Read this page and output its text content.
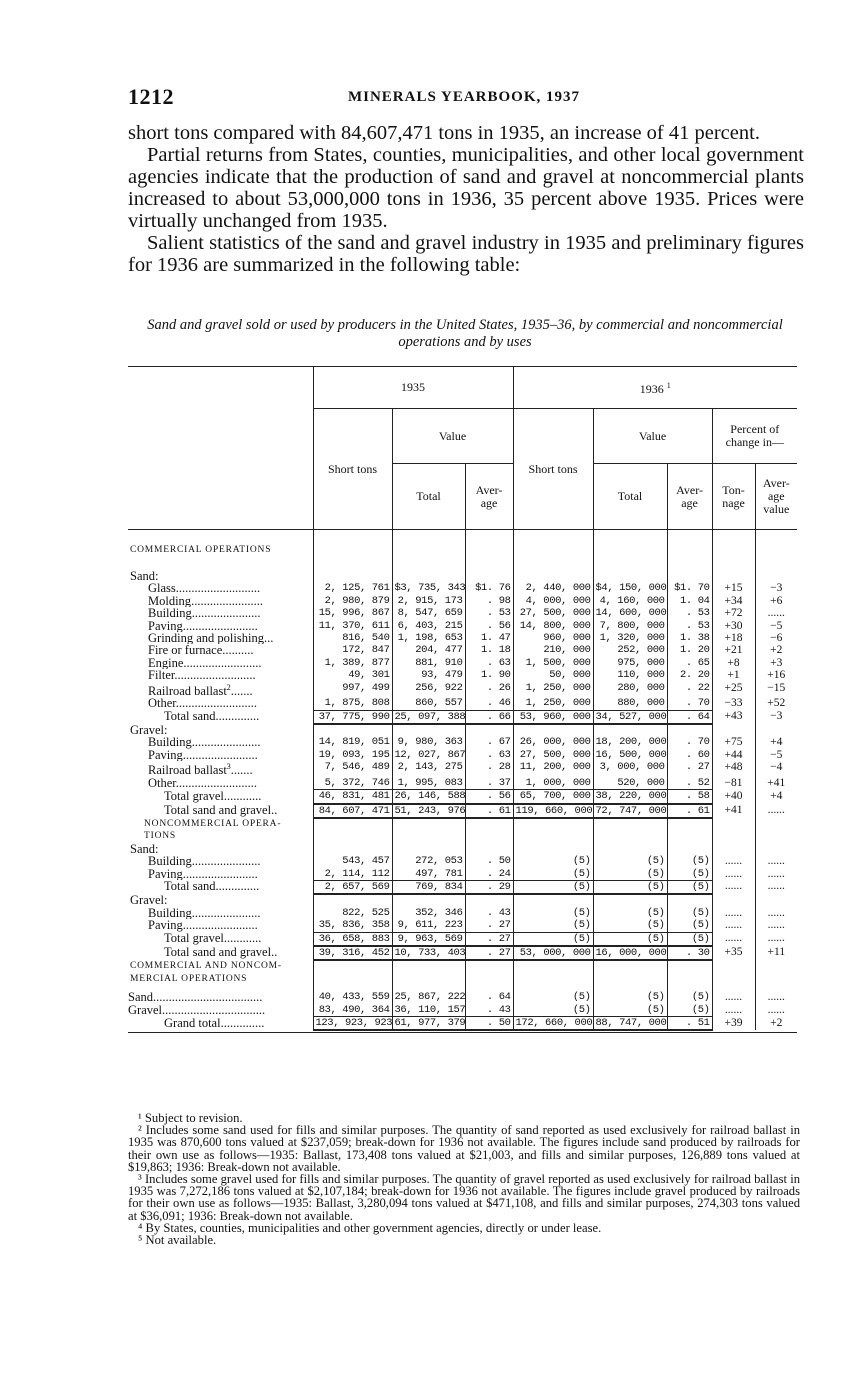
1212	MINERALS YEARBOOK, 1937

short tons compared with 84,607,471 tons in 1935, an increase of 41 percent.

Partial returns from States, counties, municipalities, and other local government agencies indicate that the production of sand and gravel at noncommercial plants increased to about 53,000,000 tons in 1936, 35 percent above 1935. Prices were virtually unchanged from 1935.

Salient statistics of the sand and gravel industry in 1935 and preliminary figures for 1936 are summarized in the following table:

Sand and gravel sold or used by producers in the United States, 1935–36, by commercial and noncommercial operations and by uses
	1935			1936 $^1$
	Short tons	Value		Short tons	Value		Percent of change in—	
		Total	Aver- age		Total	Aver- age	Ton- nage	Aver- age value

COMMERCIAL OPERATIONS								

Sand:								
Glass...........................	2, 125, 761	$3, 735, 343	$1. 76	2, 440, 000	$4, 150, 000	$1. 70	+15	−3
Molding.......................	2, 980, 879	2, 915, 173	. 98	4, 000, 000	4, 160, 000	1. 04	+34	+6
Building......................	15, 996, 867	8, 547, 659	. 53	27, 500, 000	14, 600, 000	. 53	+72	......
Paving........................	11, 370, 611	6, 403, 215	. 56	14, 800, 000	7, 800, 000	. 53	+30	−5
Grinding and polishing...	816, 540	1, 198, 653	1. 47	960, 000	1, 320, 000	1. 38	+18	−6
Fire or furnace..........	172, 847	204, 477	1. 18	210, 000	252, 000	1. 20	+21	+2
Engine.........................	1, 389, 877	881, 910	. 63	1, 500, 000	975, 000	. 65	+8	+3
Filter..........................	49, 301	93, 479	1. 90	50, 000	110, 000	2. 20	+1	+16
Railroad ballast$^2$.......	997, 499	256, 922	. 26	1, 250, 000	280, 000	. 22	+25	−15
Other..........................	1, 875, 808	860, 557	. 46	1, 250, 000	880, 000	. 70	−33	+52
Total sand..............	37, 775, 990	25, 097, 388	. 66	53, 960, 000	34, 527, 000	. 64	+43	−3
Gravel:								
Building......................	14, 819, 051	9, 980, 363	. 67	26, 000, 000	18, 200, 000	. 70	+75	+4
Paving........................	19, 093, 195	12, 027, 867	. 63	27, 500, 000	16, 500, 000	. 60	+44	−5
Railroad ballast$^3$.......	7, 546, 489	2, 143, 275	. 28	11, 200, 000	3, 000, 000	. 27	+48	−4
Other..........................	5, 372, 746	1, 995, 083	. 37	1, 000, 000	520, 000	. 52	−81	+41
Total gravel............	46, 831, 481	26, 146, 588	. 56	65, 700, 000	38, 220, 000	. 58	+40	+4
Total sand and gravel..	84, 607, 471	51, 243, 976	. 61	119, 660, 000	72, 747, 000	. 61	+41	......
NONCOMMERCIAL OPERA- TIONS								
Sand:								
Building......................	543, 457	272, 053	. 50	(5)	(5)	(5)	......	......
Paving........................	2, 114, 112	497, 781	. 24	(5)	(5)	(5)	......	......
Total sand..............	2, 657, 569	769, 834	. 29	(5)	(5)	(5)	......	......
Gravel:								
Building......................	822, 525	352, 346	. 43	(5)	(5)	(5)	......	......
Paving........................	35, 836, 358	9, 611, 223	. 27	(5)	(5)	(5)	......	......
Total gravel............	36, 658, 883	9, 963, 569	. 27	(5)	(5)	(5)	......	......
Total sand and gravel..	39, 316, 452	10, 733, 403	. 27	53, 000, 000	16, 000, 000	. 30	+35	+11
COMMERCIAL AND NONCOM- MERCIAL OPERATIONS								

Sand...................................	40, 433, 559	25, 867, 222	. 64	(5)	(5)	(5)	......	......
Gravel.................................	83, 490, 364	36, 110, 157	. 43	(5)	(5)	(5)	......	......
Grand total..............	123, 923, 923	61, 977, 379	. 50	172, 660, 000	88, 747, 000	. 51	+39	+2

¹ Subject to revision.

² Includes some sand used for fills and similar purposes. The quantity of sand reported as used exclusively for railroad ballast in 1935 was 870,600 tons valued at $237,059; break-down for 1936 not available. The figures include sand produced by railroads for their own use as follows—1935: Ballast, 173,408 tons valued at $21,003, and fills and similar purposes, 126,889 tons valued at $19,863; 1936: Break-down not available.

³ Includes some gravel used for fills and similar purposes. The quantity of gravel reported as used exclusively for railroad ballast in 1935 was 7,272,186 tons valued at $2,107,184; break-down for 1936 not available. The figures include gravel produced by railroads for their own use as follows—1935: Ballast, 3,280,094 tons valued at $471,108, and fills and similar purposes, 274,303 tons valued at $36,091; 1936: Break-down not available.

⁴ By States, counties, municipalities and other government agencies, directly or under lease.

⁵ Not available.
